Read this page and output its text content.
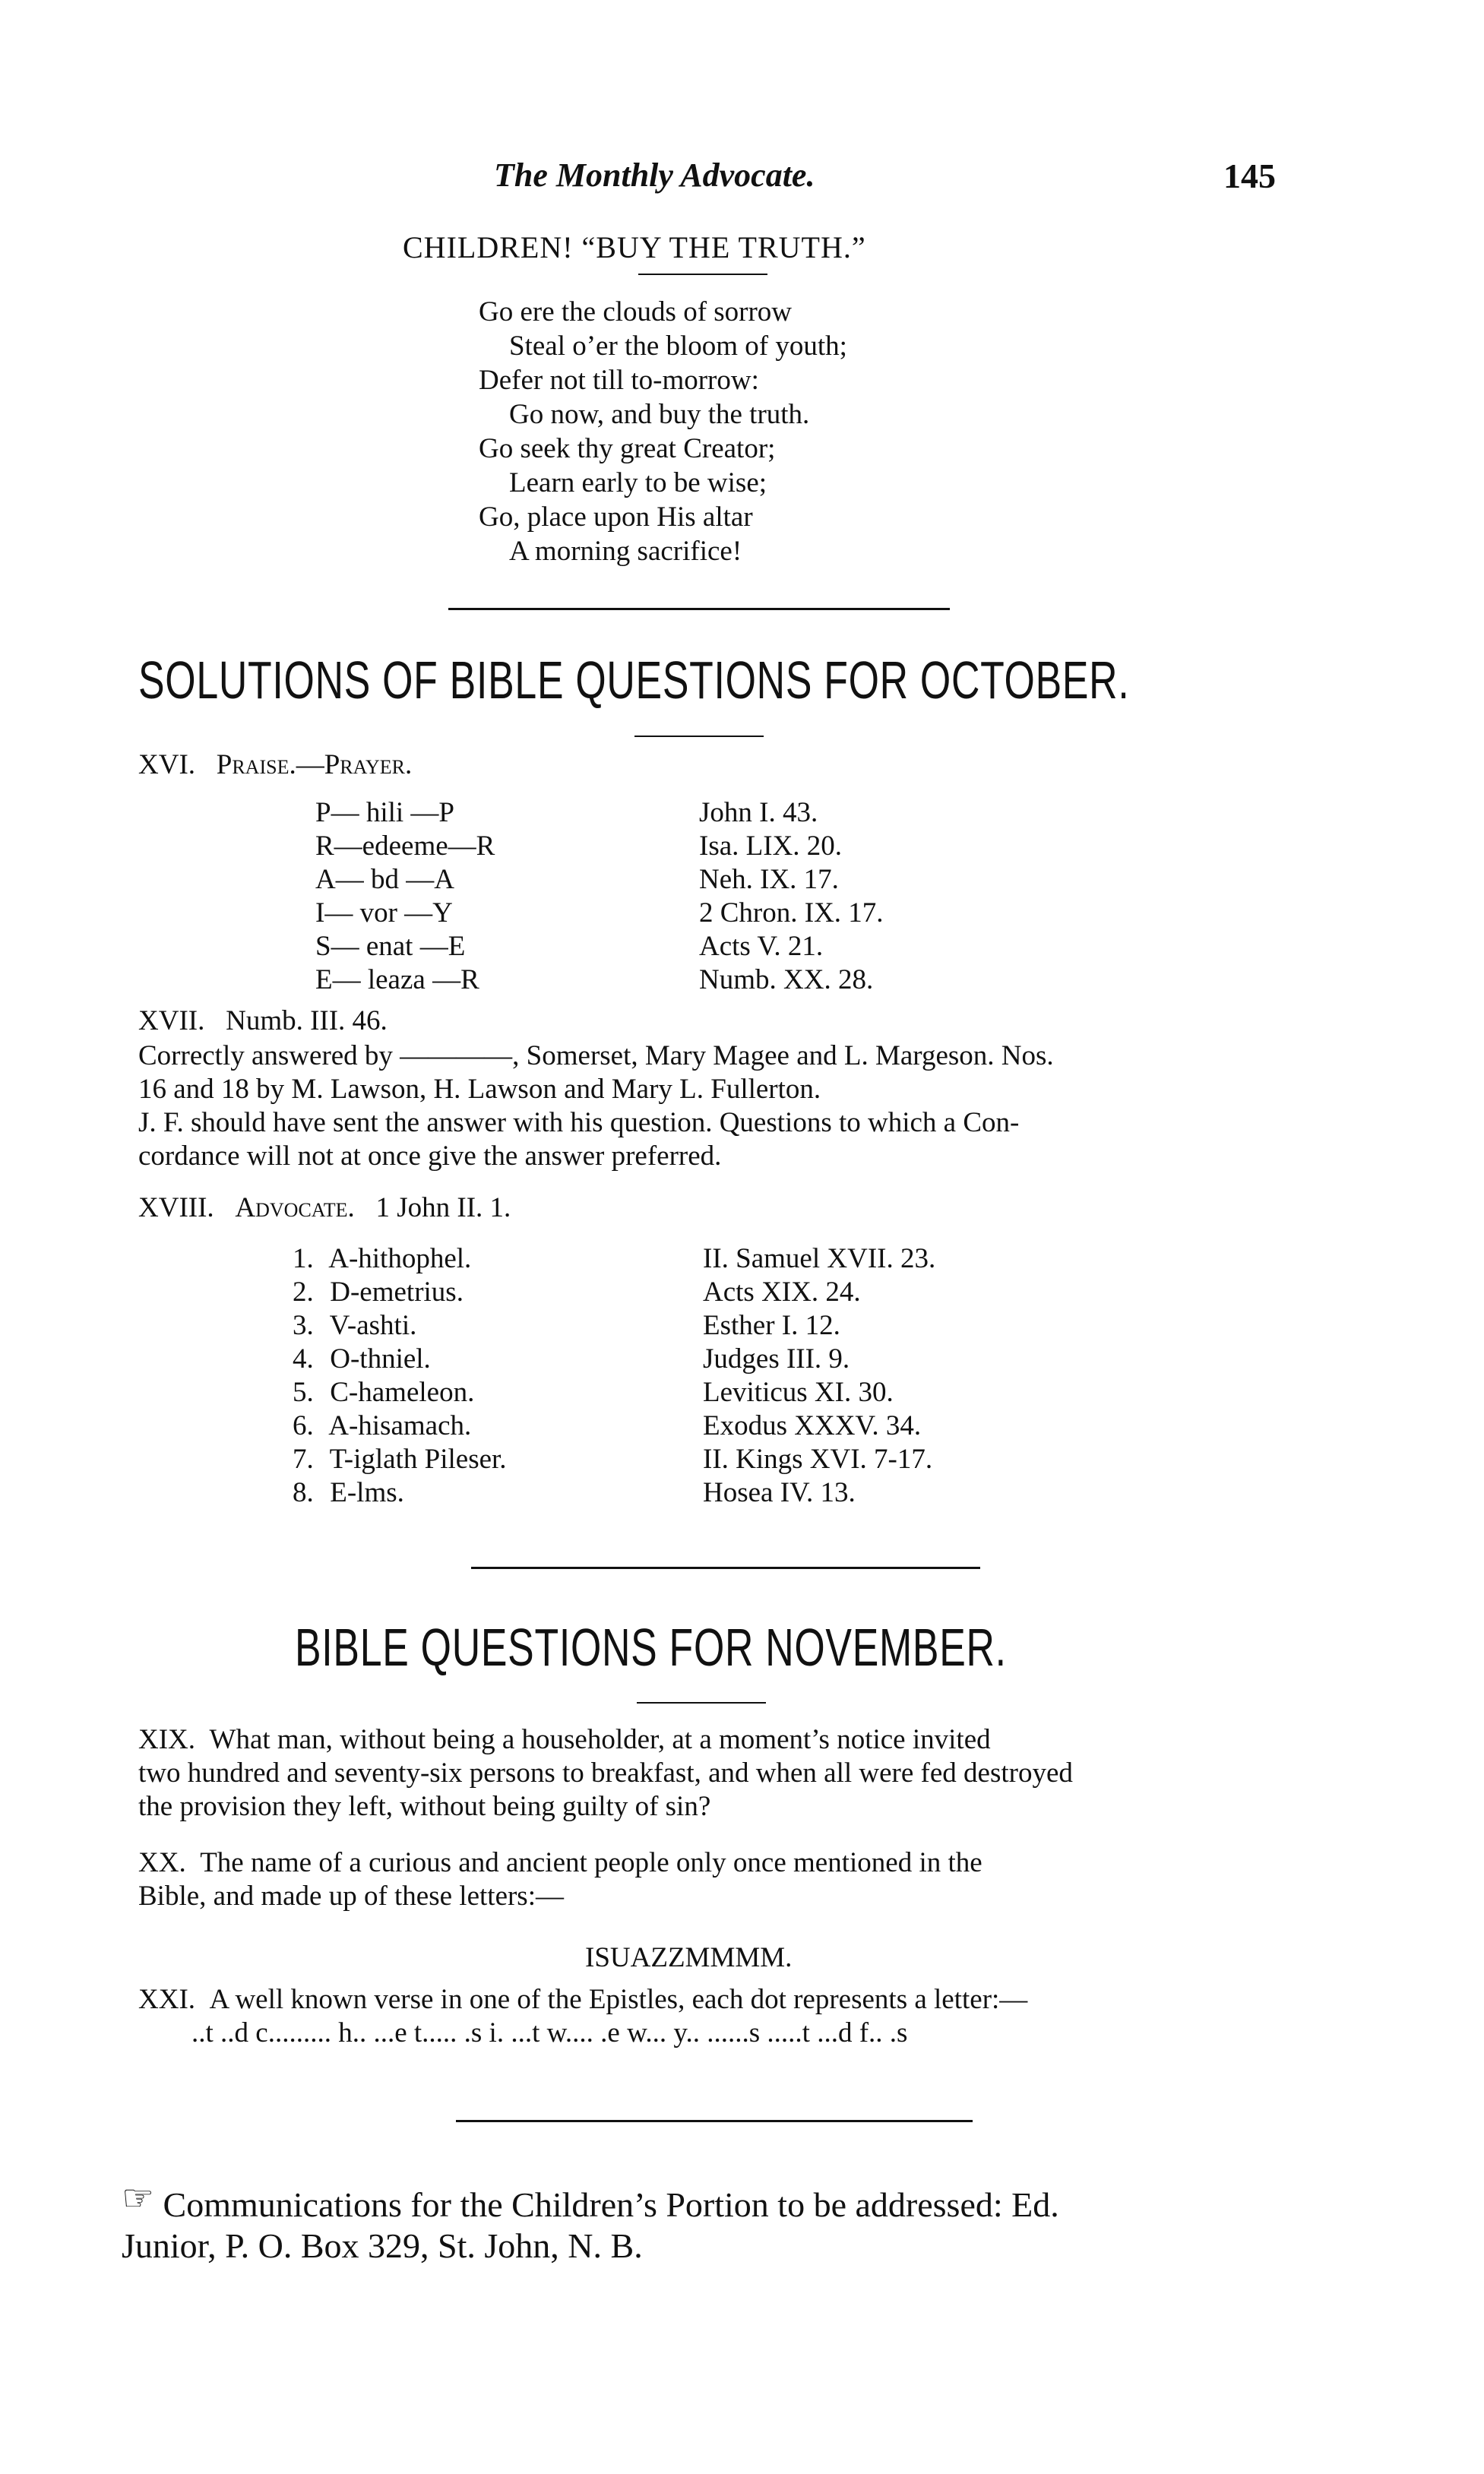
The Monthly Advocate.	145
CHILDREN! “BUY THE TRUTH.”
Go ere the clouds of sorrow
Steal o’er the bloom of youth;
Defer not till to-morrow:
Go now, and buy the truth.
Go seek thy great Creator;
Learn early to be wise;
Go, place upon His altar
A morning sacrifice!
SOLUTIONS OF BIBLE QUESTIONS FOR OCTOBER.
XVI. Praise.—Prayer.
P— hili —P
R—edeeme—R
A— bd —A
I— vor —Y
S— enat —E
E— leaza —R
John I. 43.
Isa. LIX. 20.
Neh. IX. 17.
2 Chron. IX. 17.
Acts V. 21.
Numb. XX. 28.
XVII. Numb. III. 46.
Correctly answered by ————, Somerset, Mary Magee and L. Margeson. Nos.
16 and 18 by M. Lawson, H. Lawson and Mary L. Fullerton.
J. F. should have sent the answer with his question. Questions to which a Con-
cordance will not at once give the answer preferred.
XVIII. Advocate. 1 John II. 1.
1. A-hithophel.
2. D-emetrius.
3. V-ashti.
4. O-thniel.
5. C-hameleon.
6. A-hisamach.
7. T-iglath Pileser.
8. E-lms.
II. Samuel XVII. 23.
Acts XIX. 24.
Esther I. 12.
Judges III. 9.
Leviticus XI. 30.
Exodus XXXV. 34.
II. Kings XVI. 7-17.
Hosea IV. 13.
BIBLE QUESTIONS FOR NOVEMBER.
XIX. What man, without being a householder, at a moment’s notice invited
two hundred and seventy-six persons to breakfast, and when all were fed destroyed
the provision they left, without being guilty of sin?
XX. The name of a curious and ancient people only once mentioned in the
Bible, and made up of these letters:—
ISUAZZMMMM.
XXI. A well known verse in one of the Epistles, each dot represents a letter:—
..t ..d c......... h.. ...e t..... .s i. ...t w.... .e w... y.. ......s .....t ...d f.. .s
☞ Communications for the Children’s Portion to be addressed: Ed.
Junior, P. O. Box 329, St. John, N. B.
